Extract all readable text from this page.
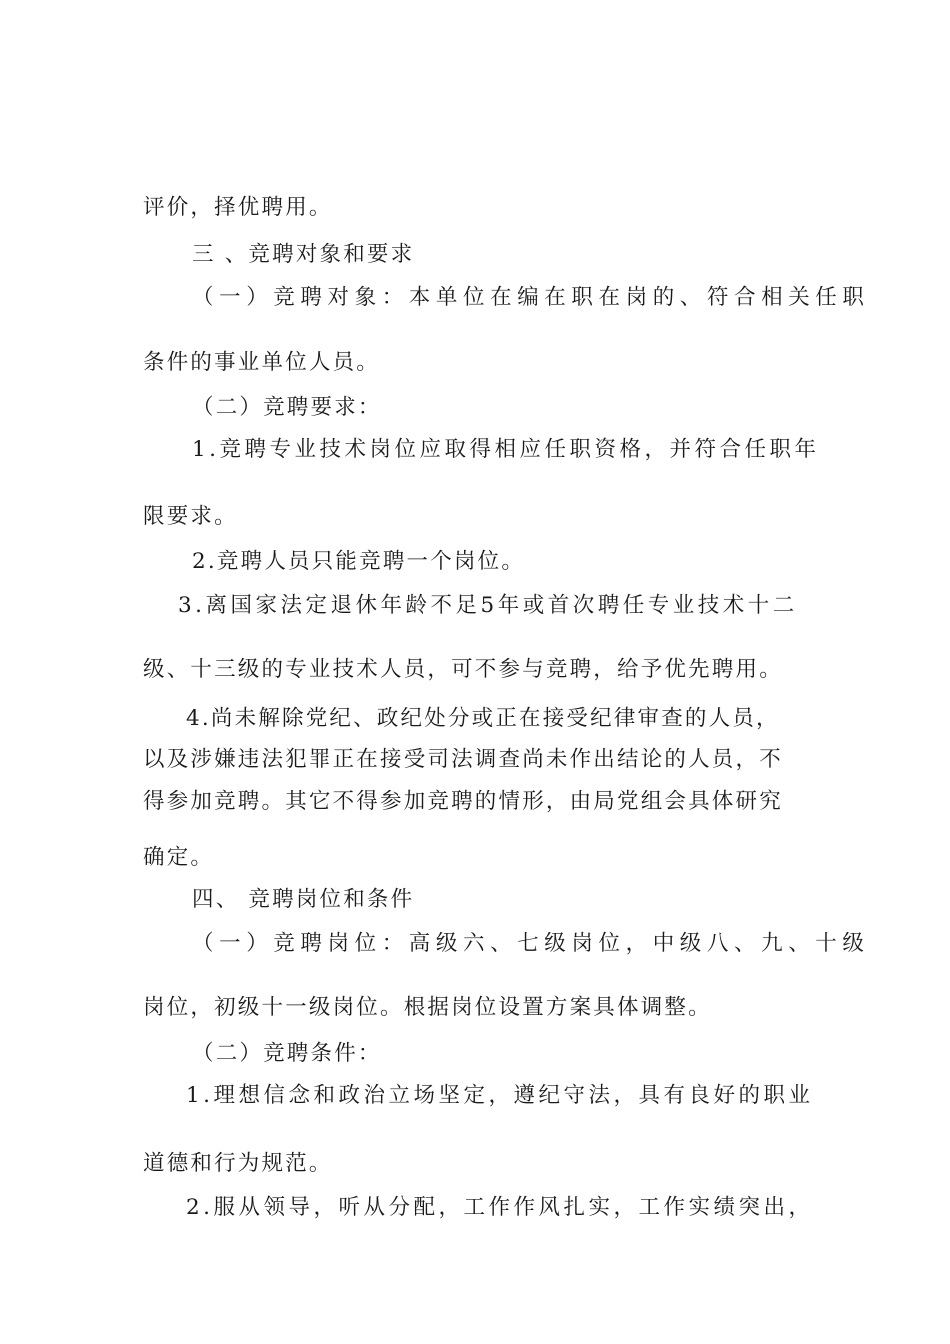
评价，择优聘用。
三 、竞聘对象和要求
（一）竞聘对象：本单位在编在职在岗的、符合相关任职
条件的事业单位人员。
（二）竞聘要求：
1.竞聘专业技术岗位应取得相应任职资格，并符合任职年
限要求。
2.竞聘人员只能竞聘一个岗位。
3.离国家法定退休年龄不足5年或首次聘任专业技术十二
级、十三级的专业技术人员，可不参与竞聘，给予优先聘用。
4.尚未解除党纪、政纪处分或正在接受纪律审查的人员，
以及涉嫌违法犯罪正在接受司法调查尚未作出结论的人员，不
得参加竞聘。其它不得参加竞聘的情形，由局党组会具体研究
确定。
四、 竞聘岗位和条件
（一）竞聘岗位：高级六、七级岗位，中级八、九、十级
岗位，初级十一级岗位。根据岗位设置方案具体调整。
（二）竞聘条件：
1.理想信念和政治立场坚定，遵纪守法，具有良好的职业
道德和行为规范。
2.服从领导，听从分配，工作作风扎实，工作实绩突出，
